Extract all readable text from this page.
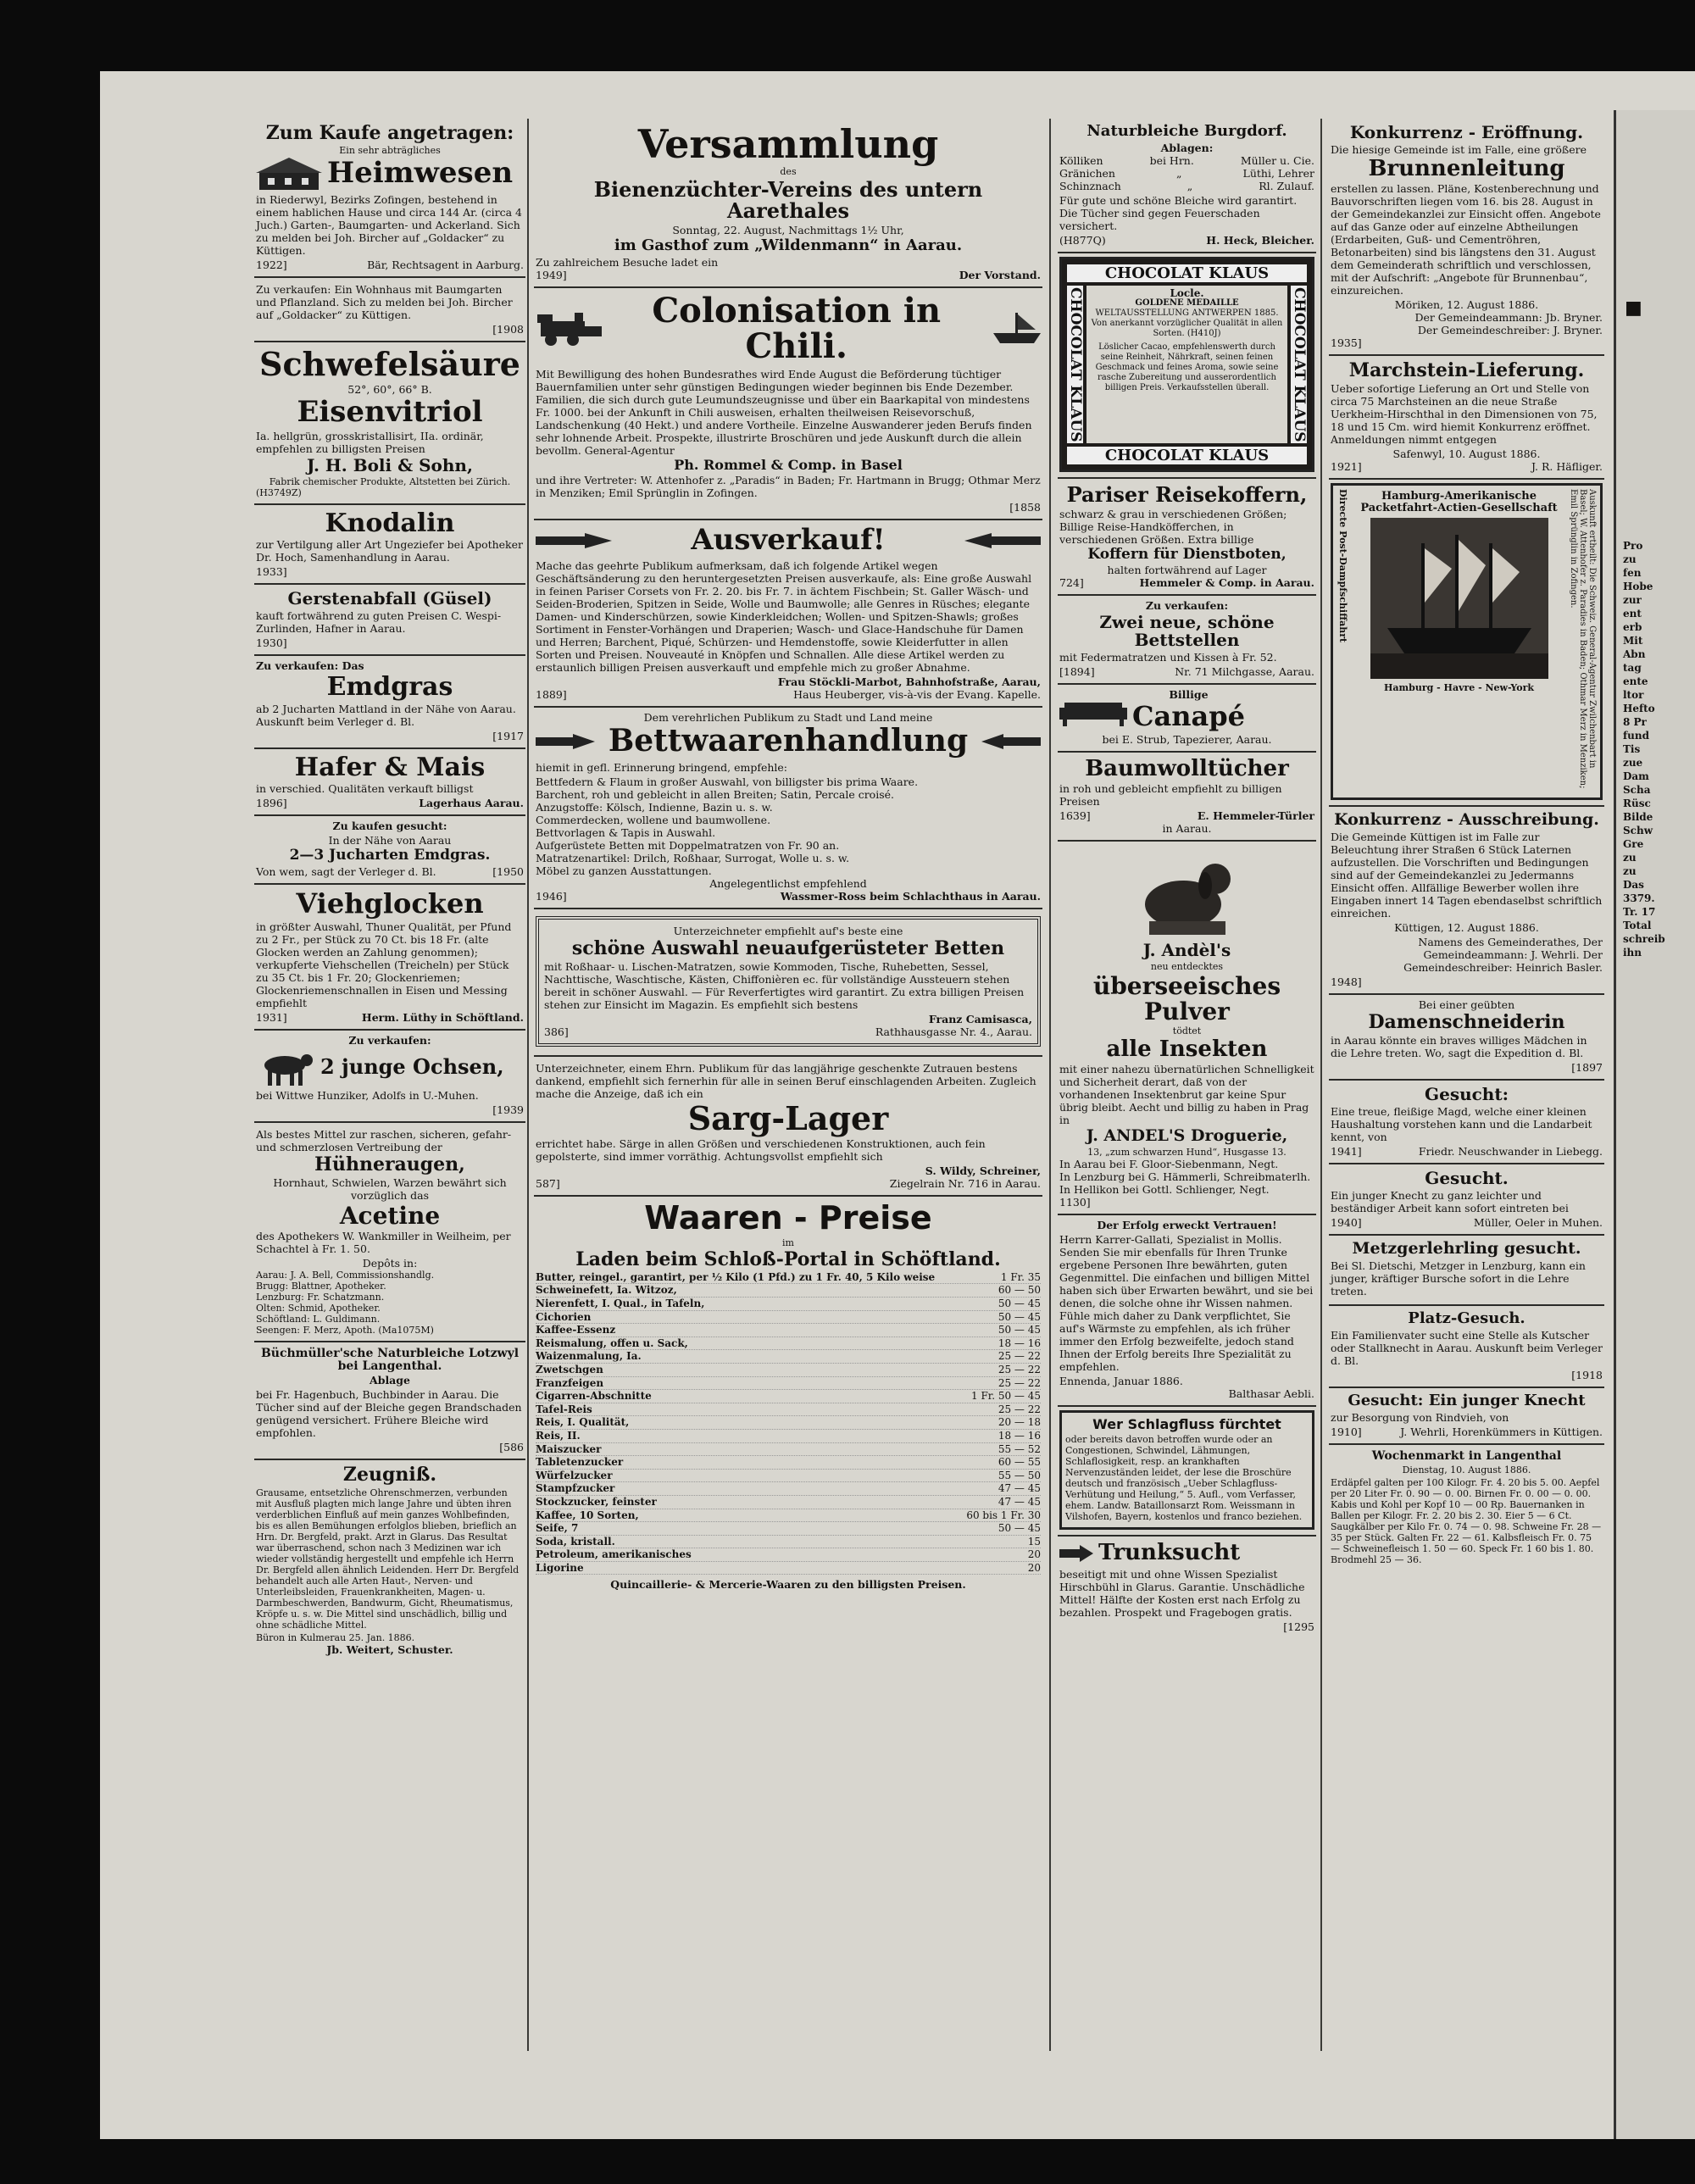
■
Pro
zu
fen
Hobe
zur
ent
erb
Mit
Abn
tag
ente
ltor
Hefto
8 Pr
fund
Tis
zue
Dam
Scha
Rüsc
Bilde
Schw
Gre
zu
zu
Das
3379.
Tr. 17
Total
schreib
ihn
Zum Kaufe angetragen:
Ein sehr abträgliches
Heimwesen

in Riederwyl, Bezirks Zofingen, bestehend in einem hablichen Hause und circa 144 Ar. (circa 4 Juch.) Garten-, Baumgarten- und Ackerland. Sich zu melden bei Joh. Bircher auf „Goldacker“ zu Küttigen.

1922]	Bär, Rechtsagent in Aarburg.

Zu verkaufen: Ein Wohnhaus mit Baumgarten und Pflanzland. Sich zu melden bei Joh. Bircher auf „Goldacker“ zu Küttigen.

[1908
Schwefelsäure
52°, 60°, 66° B.
Eisenvitriol

Ia. hellgrün, grosskristallisirt, IIa. ordinär, empfehlen zu billigsten Preisen

J. H. Boli & Sohn,
Fabrik chemischer Produkte, Altstetten bei Zürich.
(H3749Z)
Knodalin

zur Vertilgung aller Art Ungeziefer bei Apotheker Dr. Hoch, Samenhandlung in Aarau.

1933]
Gerstenabfall (Güsel)

kauft fortwährend zu guten Preisen C. Wespi-Zurlinden, Hafner in Aarau.

1930]
Zu verkaufen: Das
Emdgras

ab 2 Jucharten Mattland in der Nähe von Aarau. Auskunft beim Verleger d. Bl.

[1917
Hafer & Mais

in verschied. Qualitäten verkauft billigst

1896]	Lagerhaus Aarau.
Zu kaufen gesucht:

In der Nähe von Aarau

2—3 Jucharten Emdgras.
Von wem, sagt der Verleger d. Bl.	[1950
Viehglocken

in größter Auswahl, Thuner Qualität, per Pfund zu 2 Fr., per Stück zu 70 Ct. bis 18 Fr. (alte Glocken werden an Zahlung genommen); verkupferte Viehschellen (Treicheln) per Stück zu 35 Ct. bis 1 Fr. 20; Glockenriemen; Glockenriemenschnallen in Eisen und Messing empfiehlt

1931]	Herm. Lüthy in Schöftland.
Zu verkaufen:
2 junge Ochsen,

bei Wittwe Hunziker, Adolfs in U.-Muhen.

[1939

Als bestes Mittel zur raschen, sicheren, gefahr- und schmerzlosen Vertreibung der

Hühneraugen,

Hornhaut, Schwielen, Warzen bewährt sich vorzüglich das

Acetine

des Apothekers W. Wankmiller in Weilheim, per Schachtel à Fr. 1. 50.

Depôts in:
Aarau: J. A. Bell, Commissionshandlg.
Brugg: Blattner, Apotheker.
Lenzburg: Fr. Schatzmann.
Olten: Schmid, Apotheker.
Schöftland: L. Guldimann.
Seengen: F. Merz, Apoth. (Ma1075M)
Büchmüller'sche Naturbleiche Lotzwyl bei Langenthal.
Ablage

bei Fr. Hagenbuch, Buchbinder in Aarau. Die Tücher sind auf der Bleiche gegen Brandschaden genügend versichert. Frühere Bleiche wird empfohlen.

[586
Zeugniß.

Grausame, entsetzliche Ohrenschmerzen, verbunden mit Ausfluß plagten mich lange Jahre und übten ihren verderblichen Einfluß auf mein ganzes Wohlbefinden, bis es allen Bemühungen erfolglos blieben, brieflich an Hrn. Dr. Bergfeld, prakt. Arzt in Glarus. Das Resultat war überraschend, schon nach 3 Medizinen war ich wieder vollständig hergestellt und empfehle ich Herrn Dr. Bergfeld allen ähnlich Leidenden. Herr Dr. Bergfeld behandelt auch alle Arten Haut-, Nerven- und Unterleibsleiden, Frauenkrankheiten, Magen- u. Darmbeschwerden, Bandwurm, Gicht, Rheumatismus, Kröpfe u. s. w. Die Mittel sind unschädlich, billig und ohne schädliche Mittel.

Büron in Kulmerau 25. Jan. 1886.
Jb. Weitert, Schuster.
Versammlung
des
Bienenzüchter-Vereins des untern Aarethales
Sonntag, 22. August, Nachmittags 1½ Uhr,
im Gasthof zum „Wildenmann“ in Aarau.
Zu zahlreichem Besuche ladet ein
1949]	Der Vorstand.
Colonisation in Chili.

Mit Bewilligung des hohen Bundesrathes wird Ende August die Beförderung tüchtiger Bauernfamilien unter sehr günstigen Bedingungen wieder beginnen bis Ende Dezember. Familien, die sich durch gute Leumundszeugnisse und über ein Baarkapital von mindestens Fr. 1000. bei der Ankunft in Chili ausweisen, erhalten theilweisen Reisevorschuß, Landschenkung (40 Hekt.) und andere Vortheile. Einzelne Auswanderer jeden Berufs finden sehr lohnende Arbeit. Prospekte, illustrirte Broschüren und jede Auskunft durch die allein bevollm. General-Agentur

Ph. Rommel & Comp. in Basel

und ihre Vertreter: W. Attenhofer z. „Paradis“ in Baden; Fr. Hartmann in Brugg; Othmar Merz in Menziken; Emil Sprünglin in Zofingen.

[1858
Ausverkauf!

Mache das geehrte Publikum aufmerksam, daß ich folgende Artikel wegen Geschäftsänderung zu den heruntergesetzten Preisen ausverkaufe, als: Eine große Auswahl in feinen Pariser Corsets von Fr. 2. 20. bis Fr. 7. in ächtem Fischbein; St. Galler Wäsch- und Seiden-Broderien, Spitzen in Seide, Wolle und Baumwolle; alle Genres in Rüsches; elegante Damen- und Kinderschürzen, sowie Kinderkleidchen; Wollen- und Spitzen-Shawls; großes Sortiment in Fenster-Vorhängen und Draperien; Wasch- und Glace-Handschuhe für Damen und Herren; Barchent, Piqué, Schürzen- und Hemdenstoffe, sowie Kleiderfutter in allen Sorten und Preisen. Nouveauté in Knöpfen und Schnallen. Alle diese Artikel werden zu erstaunlich billigen Preisen ausverkauft und empfehle mich zu großer Abnahme.

Frau Stöckli-Marbot, Bahnhofstraße, Aarau,
1889]	Haus Heuberger, vis-à-vis der Evang. Kapelle.
Dem verehrlichen Publikum zu Stadt und Land meine
Bettwaarenhandlung

hiemit in gefl. Erinnerung bringend, empfehle:

Bettfedern & Flaum in großer Auswahl, von billigster bis prima Waare.
Barchent, roh und gebleicht in allen Breiten; Satin, Percale croisé.
Anzugstoffe: Kölsch, Indienne, Bazin u. s. w.
Commerdecken, wollene und baumwollene.
Bettvorlagen & Tapis in Auswahl.
Aufgerüstete Betten mit Doppelmatratzen von Fr. 90 an.
Matratzenartikel: Drilch, Roßhaar, Surrogat, Wolle u. s. w.
Möbel zu ganzen Ausstattungen.
Angelegentlichst empfehlend
1946]	Wassmer-Ross beim Schlachthaus in Aarau.
Unterzeichneter empfiehlt auf's beste eine
schöne Auswahl neuaufgerüsteter Betten

mit Roßhaar- u. Lischen-Matratzen, sowie Kommoden, Tische, Ruhebetten, Sessel, Nachttische, Waschtische, Kästen, Chiffonièren ec. für vollständige Aussteuern stehen bereit in schöner Auswahl. — Für Reverfertigtes wird garantirt. Zu extra billigen Preisen stehen zur Einsicht im Magazin. Es empfiehlt sich bestens

Franz Camisasca,
386]	Rathhausgasse Nr. 4., Aarau.

Unterzeichneter, einem Ehrn. Publikum für das langjährige geschenkte Zutrauen bestens dankend, empfiehlt sich fernerhin für alle in seinen Beruf einschlagenden Arbeiten. Zugleich mache die Anzeige, daß ich ein

Sarg-Lager

errichtet habe. Särge in allen Größen und verschiedenen Konstruktionen, auch fein gepolsterte, sind immer vorräthig. Achtungsvollst empfiehlt sich

S. Wildy, Schreiner,
587]	Ziegelrain Nr. 716 in Aarau.
Waaren - Preise
im
Laden beim Schloß-Portal in Schöftland.
Butter, reingel., garantirt, per ½ Kilo (1 Pfd.) zu 1 Fr. 40, 5 Kilo weise	1 Fr. 35
Schweinefett, Ia. Witzoz,	60 — 50
Nierenfett, I. Qual., in Tafeln,	50 — 45
Cichorien	50 — 45
Kaffee-Essenz	50 — 45
Reismalung, offen u. Sack,	18 — 16
Waizenmalung, Ia.	25 — 22
Zwetschgen	25 — 22
Franzfeigen	25 — 22
Cigarren-Abschnitte	1 Fr. 50 — 45
Tafel-Reis	25 — 22
Reis, I. Qualität,	20 — 18
Reis, II.	18 — 16
Maiszucker	55 — 52
Tabletenzucker	60 — 55
Würfelzucker	55 — 50
Stampfzucker	47 — 45
Stockzucker, feinster	47 — 45
Kaffee, 10 Sorten,	60 bis 1 Fr. 30
Seife, 7	50 — 45
Soda, kristall.	15
Petroleum, amerikanisches	20
Ligorine	20
Quincaillerie- & Mercerie-Waaren zu den billigsten Preisen.
Naturbleiche Burgdorf.
Ablagen:
Kölliken	bei Hrn.	Müller u. Cie.
Gränichen	„	Lüthi, Lehrer
Schinznach	„	Rl. Zulauf.

Für gute und schöne Bleiche wird garantirt. Die Tücher sind gegen Feuerschaden versichert.

(H877Q)	H. Heck, Bleicher.
CHOCOLAT KLAUS
CHOCOLAT KLAUS	Locle.
GOLDENE MEDAILLE
WELTAUSSTELLUNG ANTWERPEN 1885.
Von anerkannt vorzüglicher Qualität in allen Sorten. (H410J)
Löslicher Cacao, empfehlenswerth durch seine Reinheit, Nährkraft, seinen feinen Geschmack und feines Aroma, sowie seine rasche Zubereitung und ausserordentlich billigen Preis. Verkaufsstellen überall.	CHOCOLAT KLAUS
CHOCOLAT KLAUS
Pariser Reisekoffern,

schwarz & grau in verschiedenen Größen; Billige Reise-Handköfferchen, in verschiedenen Größen. Extra billige

Koffern für Dienstboten,
halten fortwährend auf Lager
724]	Hemmeler & Comp. in Aarau.
Zu verkaufen:
Zwei neue, schöne Bettstellen

mit Federmatratzen und Kissen à Fr. 52.

[1894]	Nr. 71 Milchgasse, Aarau.
Billige
Canapé
bei E. Strub, Tapezierer, Aarau.
Baumwolltücher

in roh und gebleicht empfiehlt zu billigen Preisen

1639]	E. Hemmeler-Türler
in Aarau.
J. Andèl's
neu entdecktes
überseeisches Pulver
tödtet
alle Insekten

mit einer nahezu übernatürlichen Schnelligkeit und Sicherheit derart, daß von der vorhandenen Insektenbrut gar keine Spur übrig bleibt. Aecht und billig zu haben in Prag in

J. ANDEL'S Droguerie,
13, „zum schwarzen Hund“, Husgasse 13.
In Aarau bei F. Gloor-Siebenmann, Negt.
In Lenzburg bei G. Hämmerli, Schreibmaterlh.
In Hellikon bei Gottl. Schlienger, Negt.
1130]
Der Erfolg erweckt Vertrauen!

Herrn Karrer-Gallati, Spezialist in Mollis. Senden Sie mir ebenfalls für Ihren Trunke ergebene Personen Ihre bewährten, guten Gegenmittel. Die einfachen und billigen Mittel haben sich über Erwarten bewährt, und sie bei denen, die solche ohne ihr Wissen nahmen. Fühle mich daher zu Dank verpflichtet, Sie auf's Wärmste zu empfehlen, als ich früher immer den Erfolg bezweifelte, jedoch stand Ihnen der Erfolg bereits Ihre Spezialität zu empfehlen.

Ennenda, Januar 1886.
Balthasar Aebli.
Wer Schlagfluss fürchtet

oder bereits davon betroffen wurde oder an Congestionen, Schwindel, Lähmungen, Schlaflosigkeit, resp. an krankhaften Nervenzuständen leidet, der lese die Broschüre deutsch und französisch „Ueber Schlagfluss-Verhütung und Heilung,“ 5. Aufl., vom Verfasser, ehem. Landw. Bataillonsarzt Rom. Weissmann in Vilshofen, Bayern, kostenlos und franco beziehen.

Trunksucht

beseitigt mit und ohne Wissen Spezialist Hirschbühl in Glarus. Garantie. Unschädliche Mittel! Hälfte der Kosten erst nach Erfolg zu bezahlen. Prospekt und Fragebogen gratis.

[1295
Konkurrenz - Eröffnung.

Die hiesige Gemeinde ist im Falle, eine größere

Brunnenleitung

erstellen zu lassen. Pläne, Kostenberechnung und Bauvorschriften liegen vom 16. bis 28. August in der Gemeindekanzlei zur Einsicht offen. Angebote auf das Ganze oder auf einzelne Abtheilungen (Erdarbeiten, Guß- und Cementröhren, Betonarbeiten) sind bis längstens den 31. August dem Gemeinderath schriftlich und verschlossen, mit der Aufschrift: „Angebote für Brunnenbau“, einzureichen.

Möriken, 12. August 1886.
Der Gemeindeammann: Jb. Bryner.
Der Gemeindeschreiber: J. Bryner.
1935]
Marchstein-Lieferung.

Ueber sofortige Lieferung an Ort und Stelle von circa 75 Marchsteinen an die neue Straße Uerkheim-Hirschthal in den Dimensionen von 75, 18 und 15 Cm. wird hiemit Konkurrenz eröffnet. Anmeldungen nimmt entgegen

Safenwyl, 10. August 1886.
1921]	J. R. Häfliger.
Directe Post-Dampfschiffahrt	Hamburg-Amerikanische Packetfahrt-Actien-Gesellschaft
Hamburg - Havre - New-York	Auskunft ertheilt: Die Schweiz. General-Agentur Zwilchenbart in Basel; W. Attenhofer z. Paradies in Baden; Othmar Merz in Menziken; Emil Sprünglin in Zofingen.
Konkurrenz - Ausschreibung.

Die Gemeinde Küttigen ist im Falle zur Beleuchtung ihrer Straßen 6 Stück Laternen aufzustellen. Die Vorschriften und Bedingungen sind auf der Gemeindekanzlei zu Jedermanns Einsicht offen. Allfällige Bewerber wollen ihre Eingaben innert 14 Tagen ebendaselbst schriftlich einreichen.

Küttigen, 12. August 1886.

Namens des Gemeinderathes, Der Gemeindeammann: J. Wehrli. Der Gemeindeschreiber: Heinrich Basler.

1948]
Bei einer geübten
Damenschneiderin

in Aarau könnte ein braves williges Mädchen in die Lehre treten. Wo, sagt die Expedition d. Bl.

[1897
Gesucht:

Eine treue, fleißige Magd, welche einer kleinen Haushaltung vorstehen kann und die Landarbeit kennt, von

1941]	Friedr. Neuschwander in Liebegg.
Gesucht.

Ein junger Knecht zu ganz leichter und beständiger Arbeit kann sofort eintreten bei

1940]	Müller, Oeler in Muhen.
Metzgerlehrling gesucht.

Bei Sl. Dietschi, Metzger in Lenzburg, kann ein junger, kräftiger Bursche sofort in die Lehre treten.

Platz-Gesuch.

Ein Familienvater sucht eine Stelle als Kutscher oder Stallknecht in Aarau. Auskunft beim Verleger d. Bl.

[1918
Gesucht: Ein junger Knecht

zur Besorgung von Rindvieh, von

1910]	J. Wehrli, Horenkümmers in Küttigen.
Wochenmarkt in Langenthal
Dienstag, 10. August 1886.

Erdäpfel galten per 100 Kilogr. Fr. 4. 20 bis 5. 00. Aepfel per 20 Liter Fr. 0. 90 — 0. 00. Birnen Fr. 0. 00 — 0. 00. Kabis und Kohl per Kopf 10 — 00 Rp. Bauernanken in Ballen per Kilogr. Fr. 2. 20 bis 2. 30. Eier 5 — 6 Ct. Saugkälber per Kilo Fr. 0. 74 — 0. 98. Schweine Fr. 28 — 35 per Stück. Galten Fr. 22 — 61. Kalbsfleisch Fr. 0. 75 — Schweinefleisch 1. 50 — 60. Speck Fr. 1 60 bis 1. 80. Brodmehl 25 — 36.
